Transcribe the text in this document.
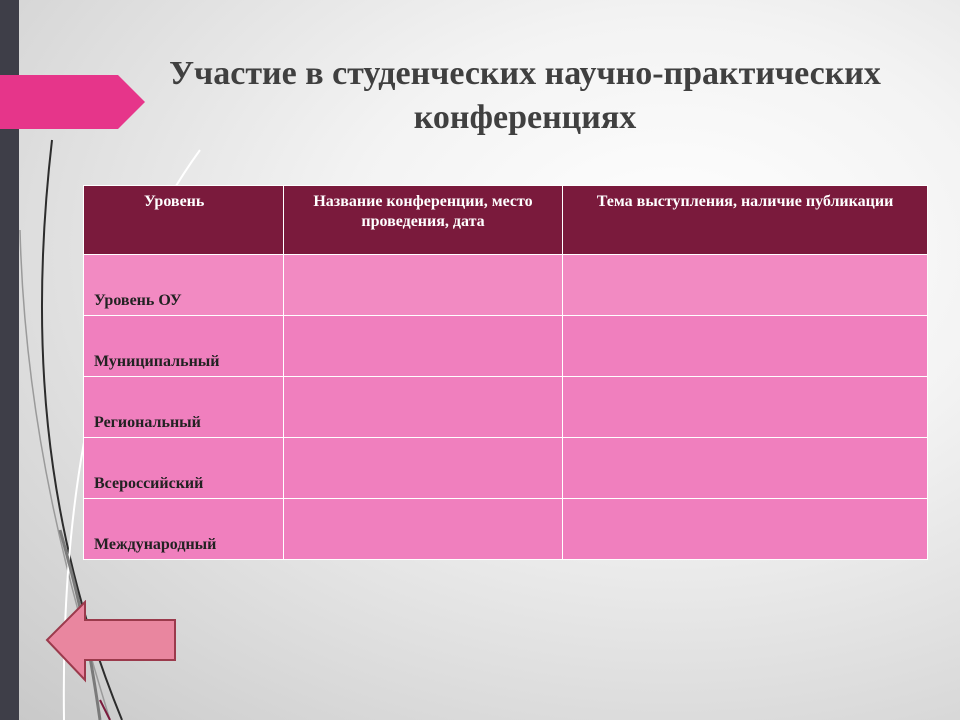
Участие в студенческих научно-практических конференциях
Уровень	Название конференции, место проведения, дата	Тема выступления, наличие публикации
Уровень ОУ		
Муниципальный		
Региональный		
Всероссийский		
Международный		
